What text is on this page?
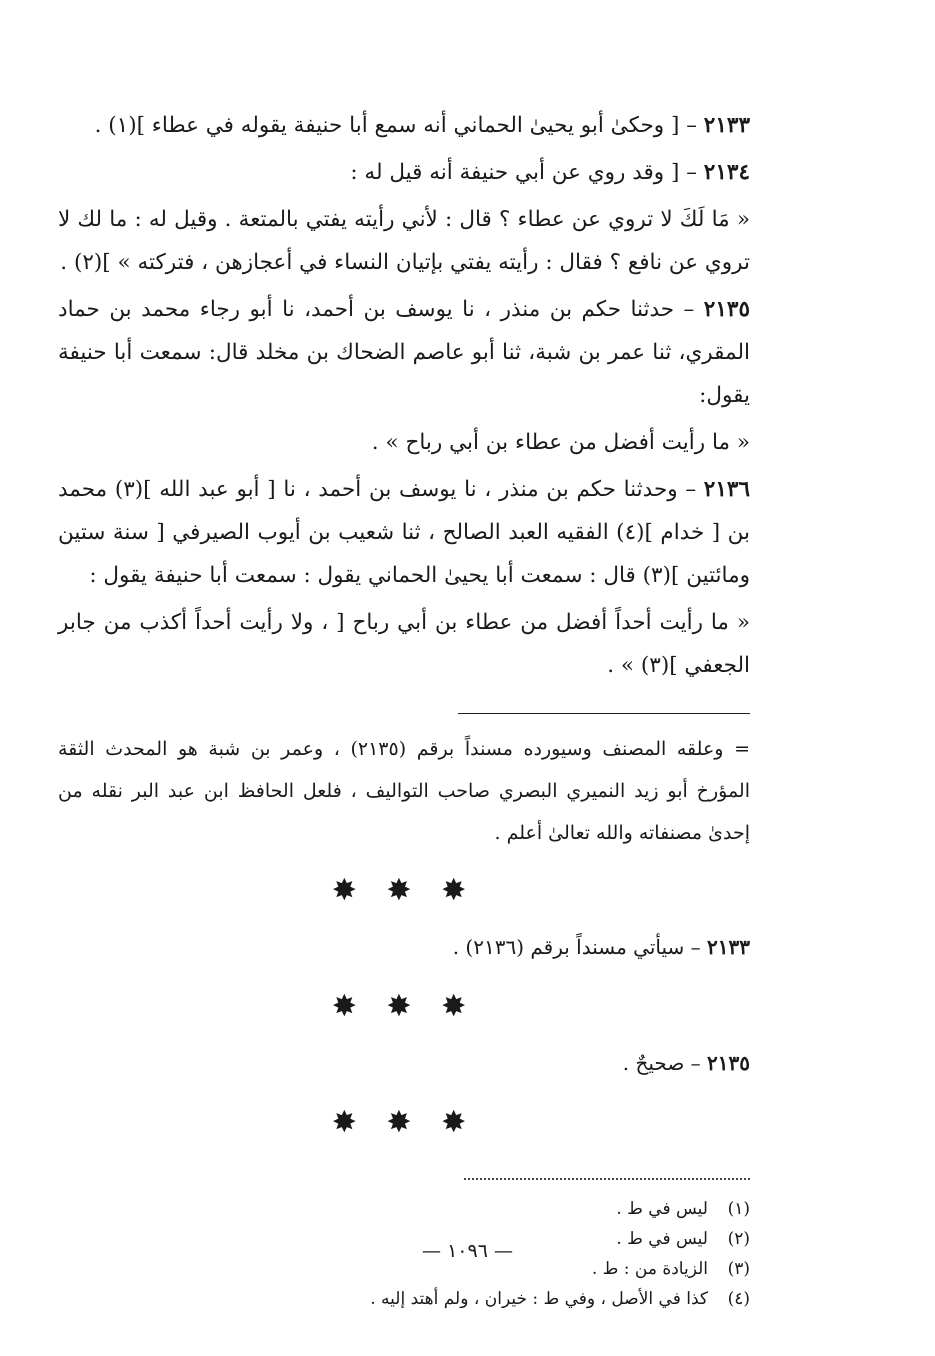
٢١٣٣ – [ وحكىٰ أبو يحيىٰ الحماني أنه سمع أبا حنيفة يقوله في عطاء ](١) .

٢١٣٤ – [ وقد روي عن أبي حنيفة أنه قيل له :

« مَا لَكَ لا تروي عن عطاء ؟ قال : لأني رأيته يفتي بالمتعة . وقيل له : ما لك لا تروي عن نافع ؟ فقال : رأيته يفتي بإتيان النساء في أعجازهن ، فتركته » ](٢) .

٢١٣٥ – حدثنا حكم بن منذر ، نا يوسف بن أحمد، نا أبو رجاء محمد بن حماد المقري، ثنا عمر بن شبة، ثنا أبو عاصم الضحاك بن مخلد قال: سمعت أبا حنيفة يقول:

« ما رأيت أفضل من عطاء بن أبي رباح » .

٢١٣٦ – وحدثنا حكم بن منذر ، نا يوسف بن أحمد ، نا [ أبو عبد الله ](٣) محمد بن [ خدام ](٤) الفقيه العبد الصالح ، ثنا شعيب بن أيوب الصيرفي [ سنة ستين ومائتين ](٣) قال : سمعت أبا يحيىٰ الحماني يقول : سمعت أبا حنيفة يقول :

« ما رأيت أحداً أفضل من عطاء بن أبي رباح [ ، ولا رأيت أحداً أكذب من جابر الجعفي ](٣) » .

= وعلقه المصنف وسيورده مسنداً برقم (٢١٣٥) ، وعمر بن شبة هو المحدث الثقة المؤرخ أبو زيد النميري البصري صاحب التواليف ، فلعل الحافظ ابن عبد البر نقله من إحدىٰ مصنفاته والله تعالىٰ أعلم .

✸ ✸ ✸
٢١٣٣ – سيأتي مسنداً برقم (٢١٣٦) .
✸ ✸ ✸
٢١٣٥ – صحيحٌ .
✸ ✸ ✸
(١)
ليس في ط .
(٢)
ليس في ط .
(٣)
الزيادة من : ط .
(٤)
كذا في الأصل ، وفي ط : خيران ، ولم أهتد إليه .
— ١٠٩٦ —
